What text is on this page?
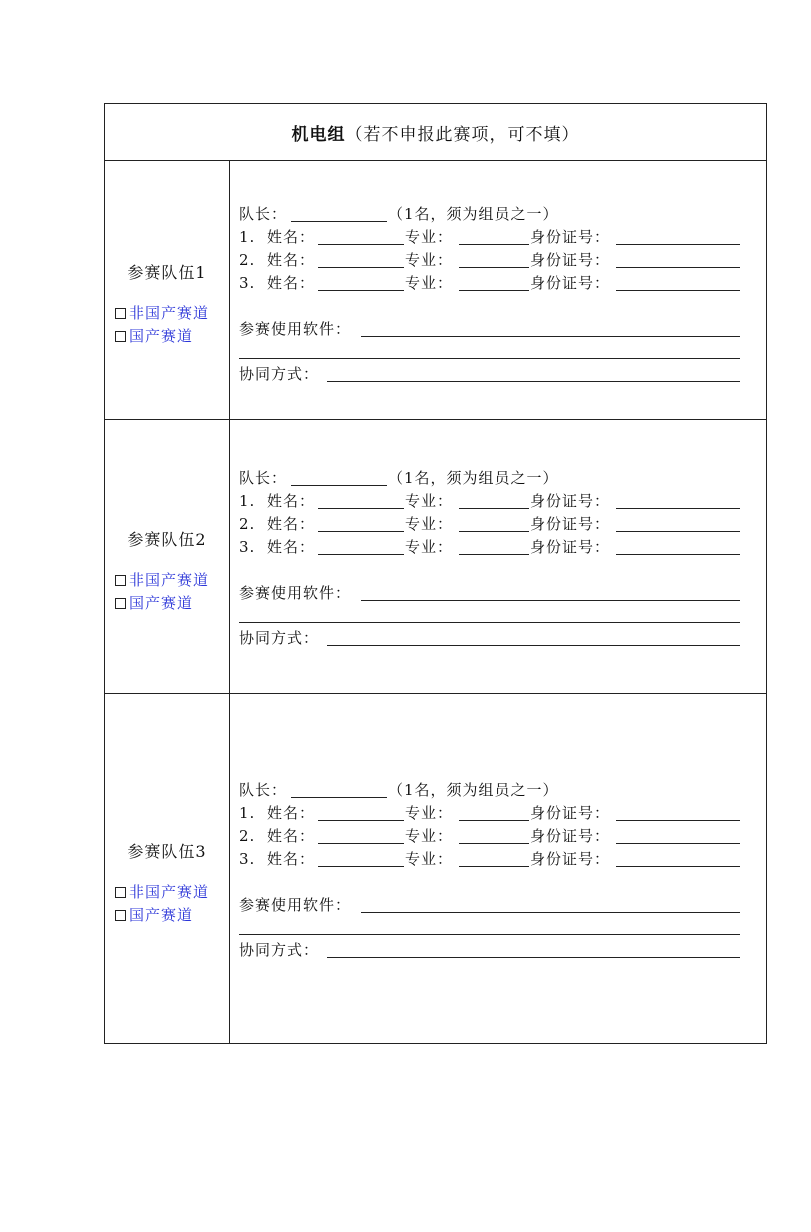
机电组 （若不申报此赛项，可不填）
参赛队伍1
非国产赛道
国产赛道
队长：	（1名，须为组员之一）
1. 姓名：	专业：	身份证号：
2. 姓名：	专业：	身份证号：
3. 姓名：	专业：	身份证号：
参赛使用软件：
协同方式：
参赛队伍2
非国产赛道
国产赛道
队长：	（1名，须为组员之一）
1. 姓名：	专业：	身份证号：
2. 姓名：	专业：	身份证号：
3. 姓名：	专业：	身份证号：
参赛使用软件：
协同方式：
参赛队伍3
非国产赛道
国产赛道
队长：	（1名，须为组员之一）
1. 姓名：	专业：	身份证号：
2. 姓名：	专业：	身份证号：
3. 姓名：	专业：	身份证号：
参赛使用软件：
协同方式：
